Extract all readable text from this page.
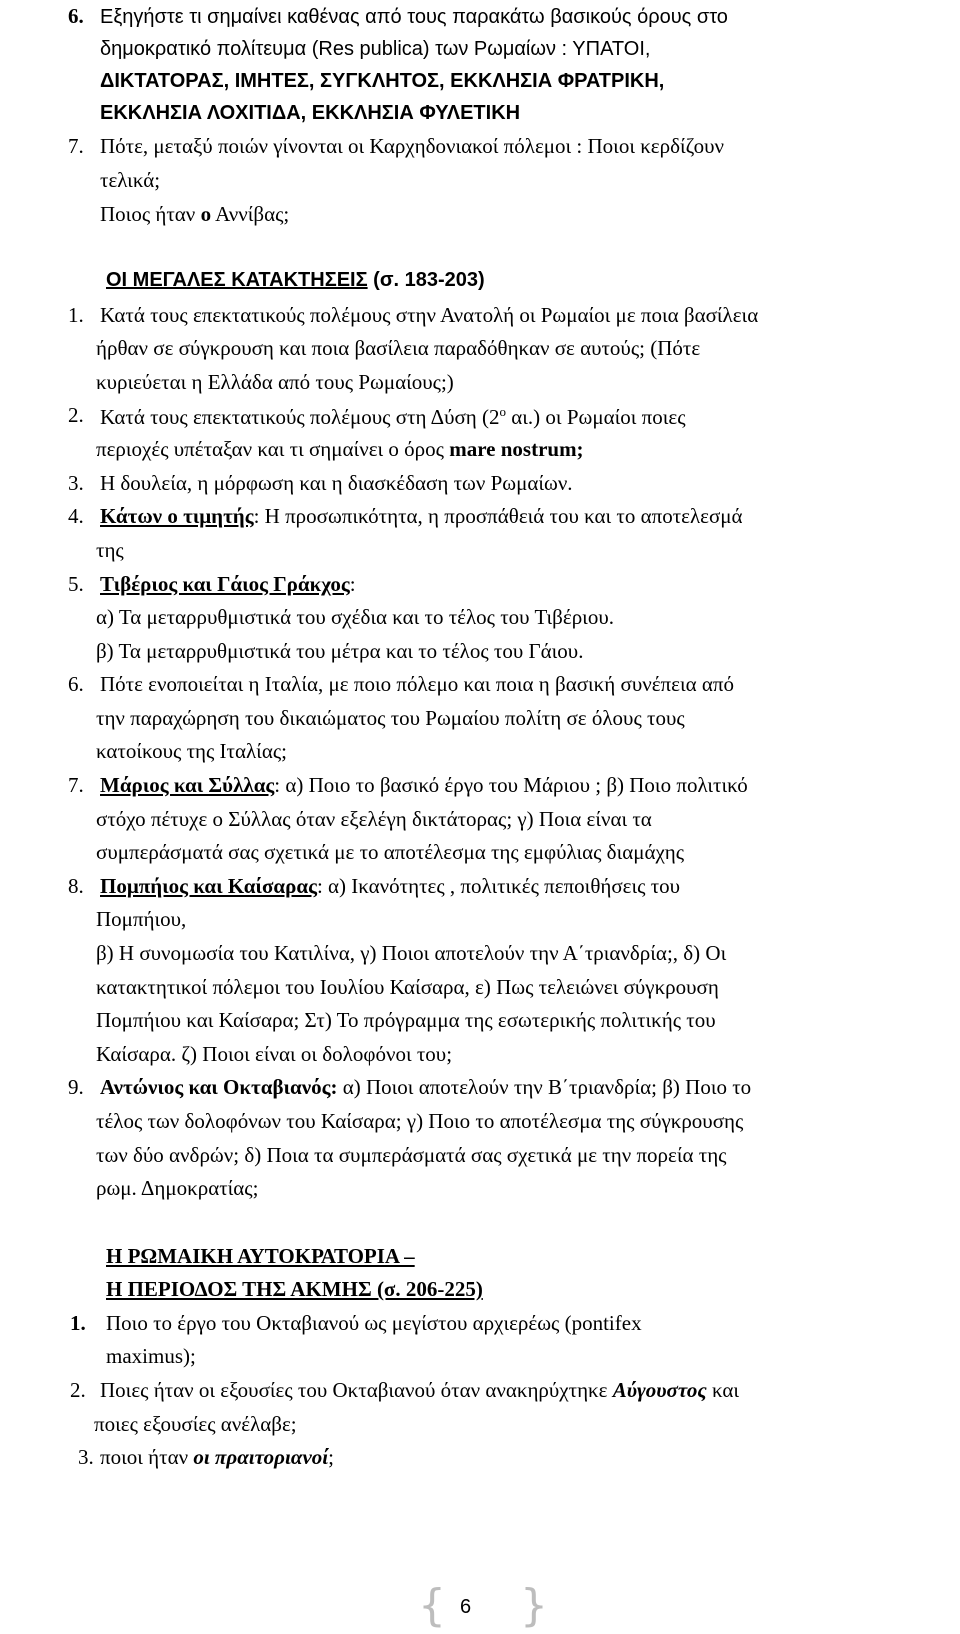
6. Εξηγήστε τι σημαίνει καθένας από τους παρακάτω βασικούς όρους στο
δημοκρατικό πολίτευμα (Res publica) των Ρωμαίων : ΥΠΑΤΟΙ,
ΔΙΚΤΑΤΟΡΑΣ, ΙΜΗΤΕΣ, ΣΥΓΚΛΗΤΟΣ, ΕΚΚΛΗΣΙΑ ΦΡΑΤΡΙΚΗ,
ΕΚΚΛΗΣΙΑ ΛΟΧΙΤΙΔΑ, ΕΚΚΛΗΣΙΑ ΦΥΛΕΤΙΚΗ
7. Πότε, μεταξύ ποιών γίνονται οι Καρχηδονιακοί πόλεμοι : Ποιοι κερδίζουν
τελικά;
Ποιος ήταν ο Αννίβας;
ΟΙ ΜΕΓΑΛΕΣ ΚΑΤΑΚΤΗΣΕΙΣ (σ. 183-203)
1. Κατά τους επεκτατικούς πολέμους στην Ανατολή οι Ρωμαίοι με ποια βασίλεια
ήρθαν σε σύγκρουση και ποια βασίλεια παραδόθηκαν σε αυτούς; (Πότε
κυριεύεται η Ελλάδα από τους Ρωμαίους;)
2. Κατά τους επεκτατικούς πολέμους στη Δύση ($2^o$ αι.) οι Ρωμαίοι ποιες
περιοχές υπέταξαν και τι σημαίνει ο όρος mare nostrum;
3. Η δουλεία, η μόρφωση και η διασκέδαση των Ρωμαίων.
4. Κάτων ο τιμητής: Η προσωπικότητα, η προσπάθειά του και το αποτελεσμά
της
5. Τιβέριος και Γάιος Γράκχος:
α) Τα μεταρρυθμιστικά του σχέδια και το τέλος του Τιβέριου.
β) Τα μεταρρυθμιστικά του μέτρα και το τέλος του Γάιου.
6. Πότε ενοποιείται η Ιταλία, με ποιο πόλεμο και ποια η βασική συνέπεια από
την παραχώρηση του δικαιώματος του Ρωμαίου πολίτη σε όλους τους
κατοίκους της Ιταλίας;
7. Μάριος και Σύλλας: α) Ποιο το βασικό έργο του Μάριου ; β) Ποιο πολιτικό
στόχο πέτυχε ο Σύλλας όταν εξελέγη δικτάτορας; γ) Ποια είναι τα
συμπεράσματά σας σχετικά με το αποτέλεσμα της εμφύλιας διαμάχης
8. Πομπήιος και Καίσαρας: α) Ικανότητες , πολιτικές πεποιθήσεις του
Πομπήιου,
β) Η συνομωσία του Κατιλίνα, γ) Ποιοι αποτελούν την Α΄τριανδρία;, δ) Οι
κατακτητικοί πόλεμοι του Ιουλίου Καίσαρα, ε) Πως τελειώνει σύγκρουση
Πομπήιου και Καίσαρα; Στ) Το πρόγραμμα της εσωτερικής πολιτικής του
Καίσαρα. ζ) Ποιοι είναι οι δολοφόνοι του;
9. Αντώνιος και Οκταβιανός: α) Ποιοι αποτελούν την Β΄τριανδρία; β) Ποιο το
τέλος των δολοφόνων του Καίσαρα; γ) Ποιο το αποτέλεσμα της σύγκρουσης
των δύο ανδρών; δ) Ποια τα συμπεράσματά σας σχετικά με την πορεία της
ρωμ. Δημοκρατίας;
Η ΡΩΜΑΙΚΗ ΑΥΤΟΚΡΑΤΟΡΙΑ –
Η ΠΕΡΙΟΔΟΣ ΤΗΣ ΑΚΜΗΣ (σ. 206-225)
1. Ποιο το έργο του Οκταβιανού ως μεγίστου αρχιερέως (pontifex
maximus);
2. Ποιες ήταν οι εξουσίες του Οκταβιανού όταν ανακηρύχτηκε Αύγουστος και
ποιες εξουσίες ανέλαβε;
3. ποιοι ήταν οι πραιτοριανοί;
{ 6 }
